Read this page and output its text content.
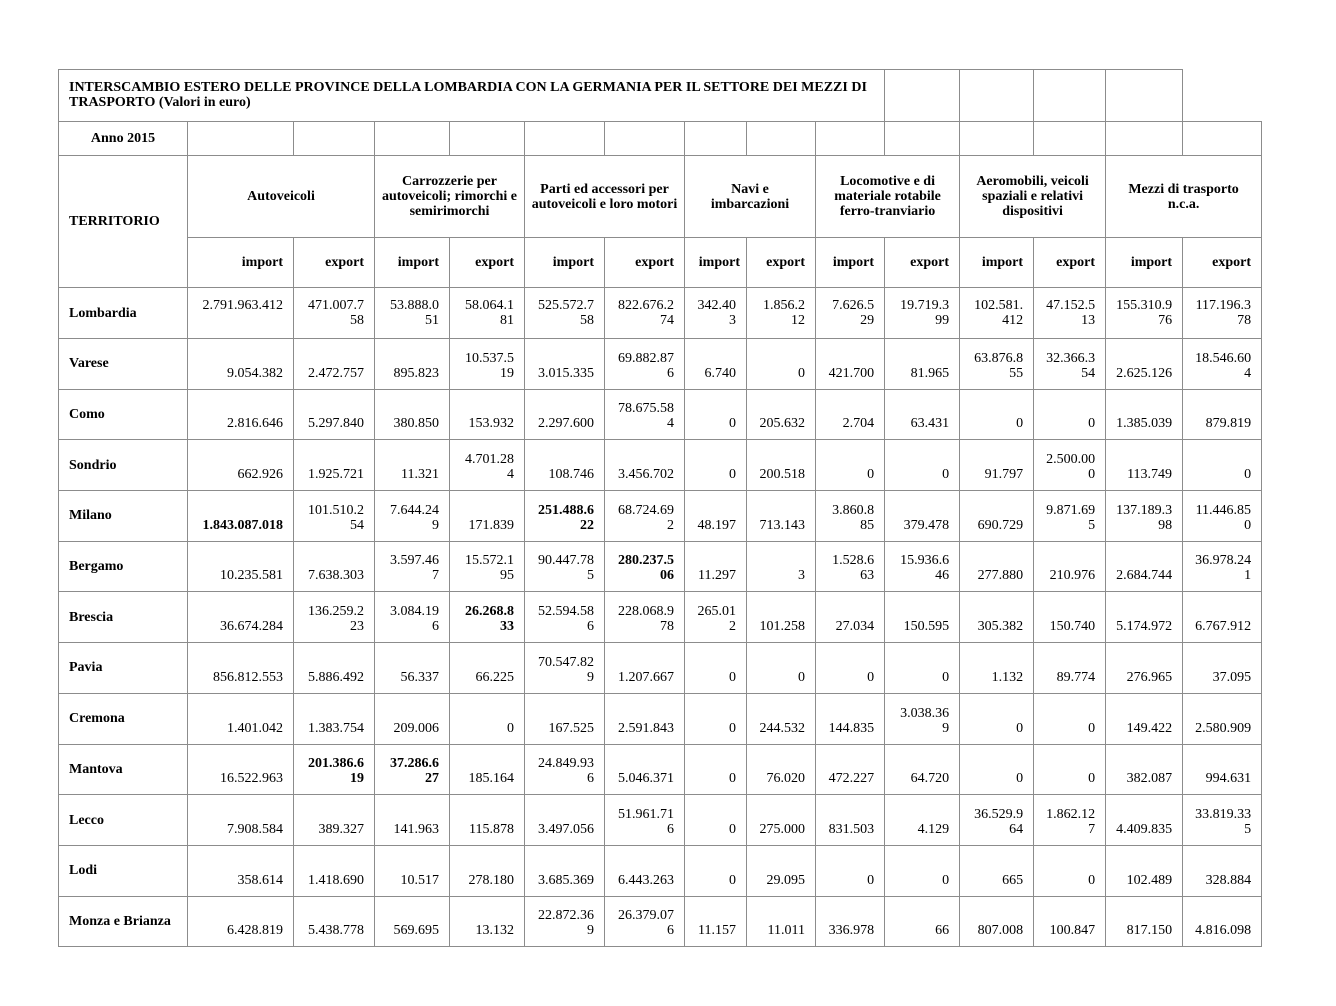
INTERSCAMBIO ESTERO DELLE PROVINCE DELLA LOMBARDIA CON LA GERMANIA PER IL SETTORE DEI MEZZI DI TRASPORTO (Valori in euro)														
Anno 2015														
TERRITORIO	Autoveicoli		Carrozzerie per autoveicoli; rimorchi e semirimorchi		Parti ed accessori per autoveicoli e loro motori		Navi e imbarcazioni		Locomotive e di materiale rotabile ferro-tranviario		Aeromobili, veicoli spaziali e relativi dispositivi		Mezzi di trasporto n.c.a.	
	import	export	import	export	import	export	import	export	import	export	import	export	import	export
Lombardia	2.791.963.412	471.007.758	53.888.051	58.064.181	525.572.758	822.676.274	342.403	1.856.212	7.626.529	19.719.399	102.581.412	47.152.513	155.310.976	117.196.378
Varese	9.054.382	2.472.757	895.823	10.537.519	3.015.335	69.882.876	6.740	0	421.700	81.965	63.876.855	32.366.354	2.625.126	18.546.604
Como	2.816.646	5.297.840	380.850	153.932	2.297.600	78.675.584	0	205.632	2.704	63.431	0	0	1.385.039	879.819
Sondrio	662.926	1.925.721	11.321	4.701.284	108.746	3.456.702	0	200.518	0	0	91.797	2.500.000	113.749	0
Milano	1.843.087.018	101.510.254	7.644.249	171.839	251.488.622	68.724.692	48.197	713.143	3.860.885	379.478	690.729	9.871.695	137.189.398	11.446.850
Bergamo	10.235.581	7.638.303	3.597.467	15.572.195	90.447.785	280.237.506	11.297	3	1.528.663	15.936.646	277.880	210.976	2.684.744	36.978.241
Brescia	36.674.284	136.259.223	3.084.196	26.268.833	52.594.586	228.068.978	265.012	101.258	27.034	150.595	305.382	150.740	5.174.972	6.767.912
Pavia	856.812.553	5.886.492	56.337	66.225	70.547.829	1.207.667	0	0	0	0	1.132	89.774	276.965	37.095
Cremona	1.401.042	1.383.754	209.006	0	167.525	2.591.843	0	244.532	144.835	3.038.369	0	0	149.422	2.580.909
Mantova	16.522.963	201.386.619	37.286.627	185.164	24.849.936	5.046.371	0	76.020	472.227	64.720	0	0	382.087	994.631
Lecco	7.908.584	389.327	141.963	115.878	3.497.056	51.961.716	0	275.000	831.503	4.129	36.529.964	1.862.127	4.409.835	33.819.335
Lodi	358.614	1.418.690	10.517	278.180	3.685.369	6.443.263	0	29.095	0	0	665	0	102.489	328.884
Monza e Brianza	6.428.819	5.438.778	569.695	13.132	22.872.369	26.379.076	11.157	11.011	336.978	66	807.008	100.847	817.150	4.816.098
